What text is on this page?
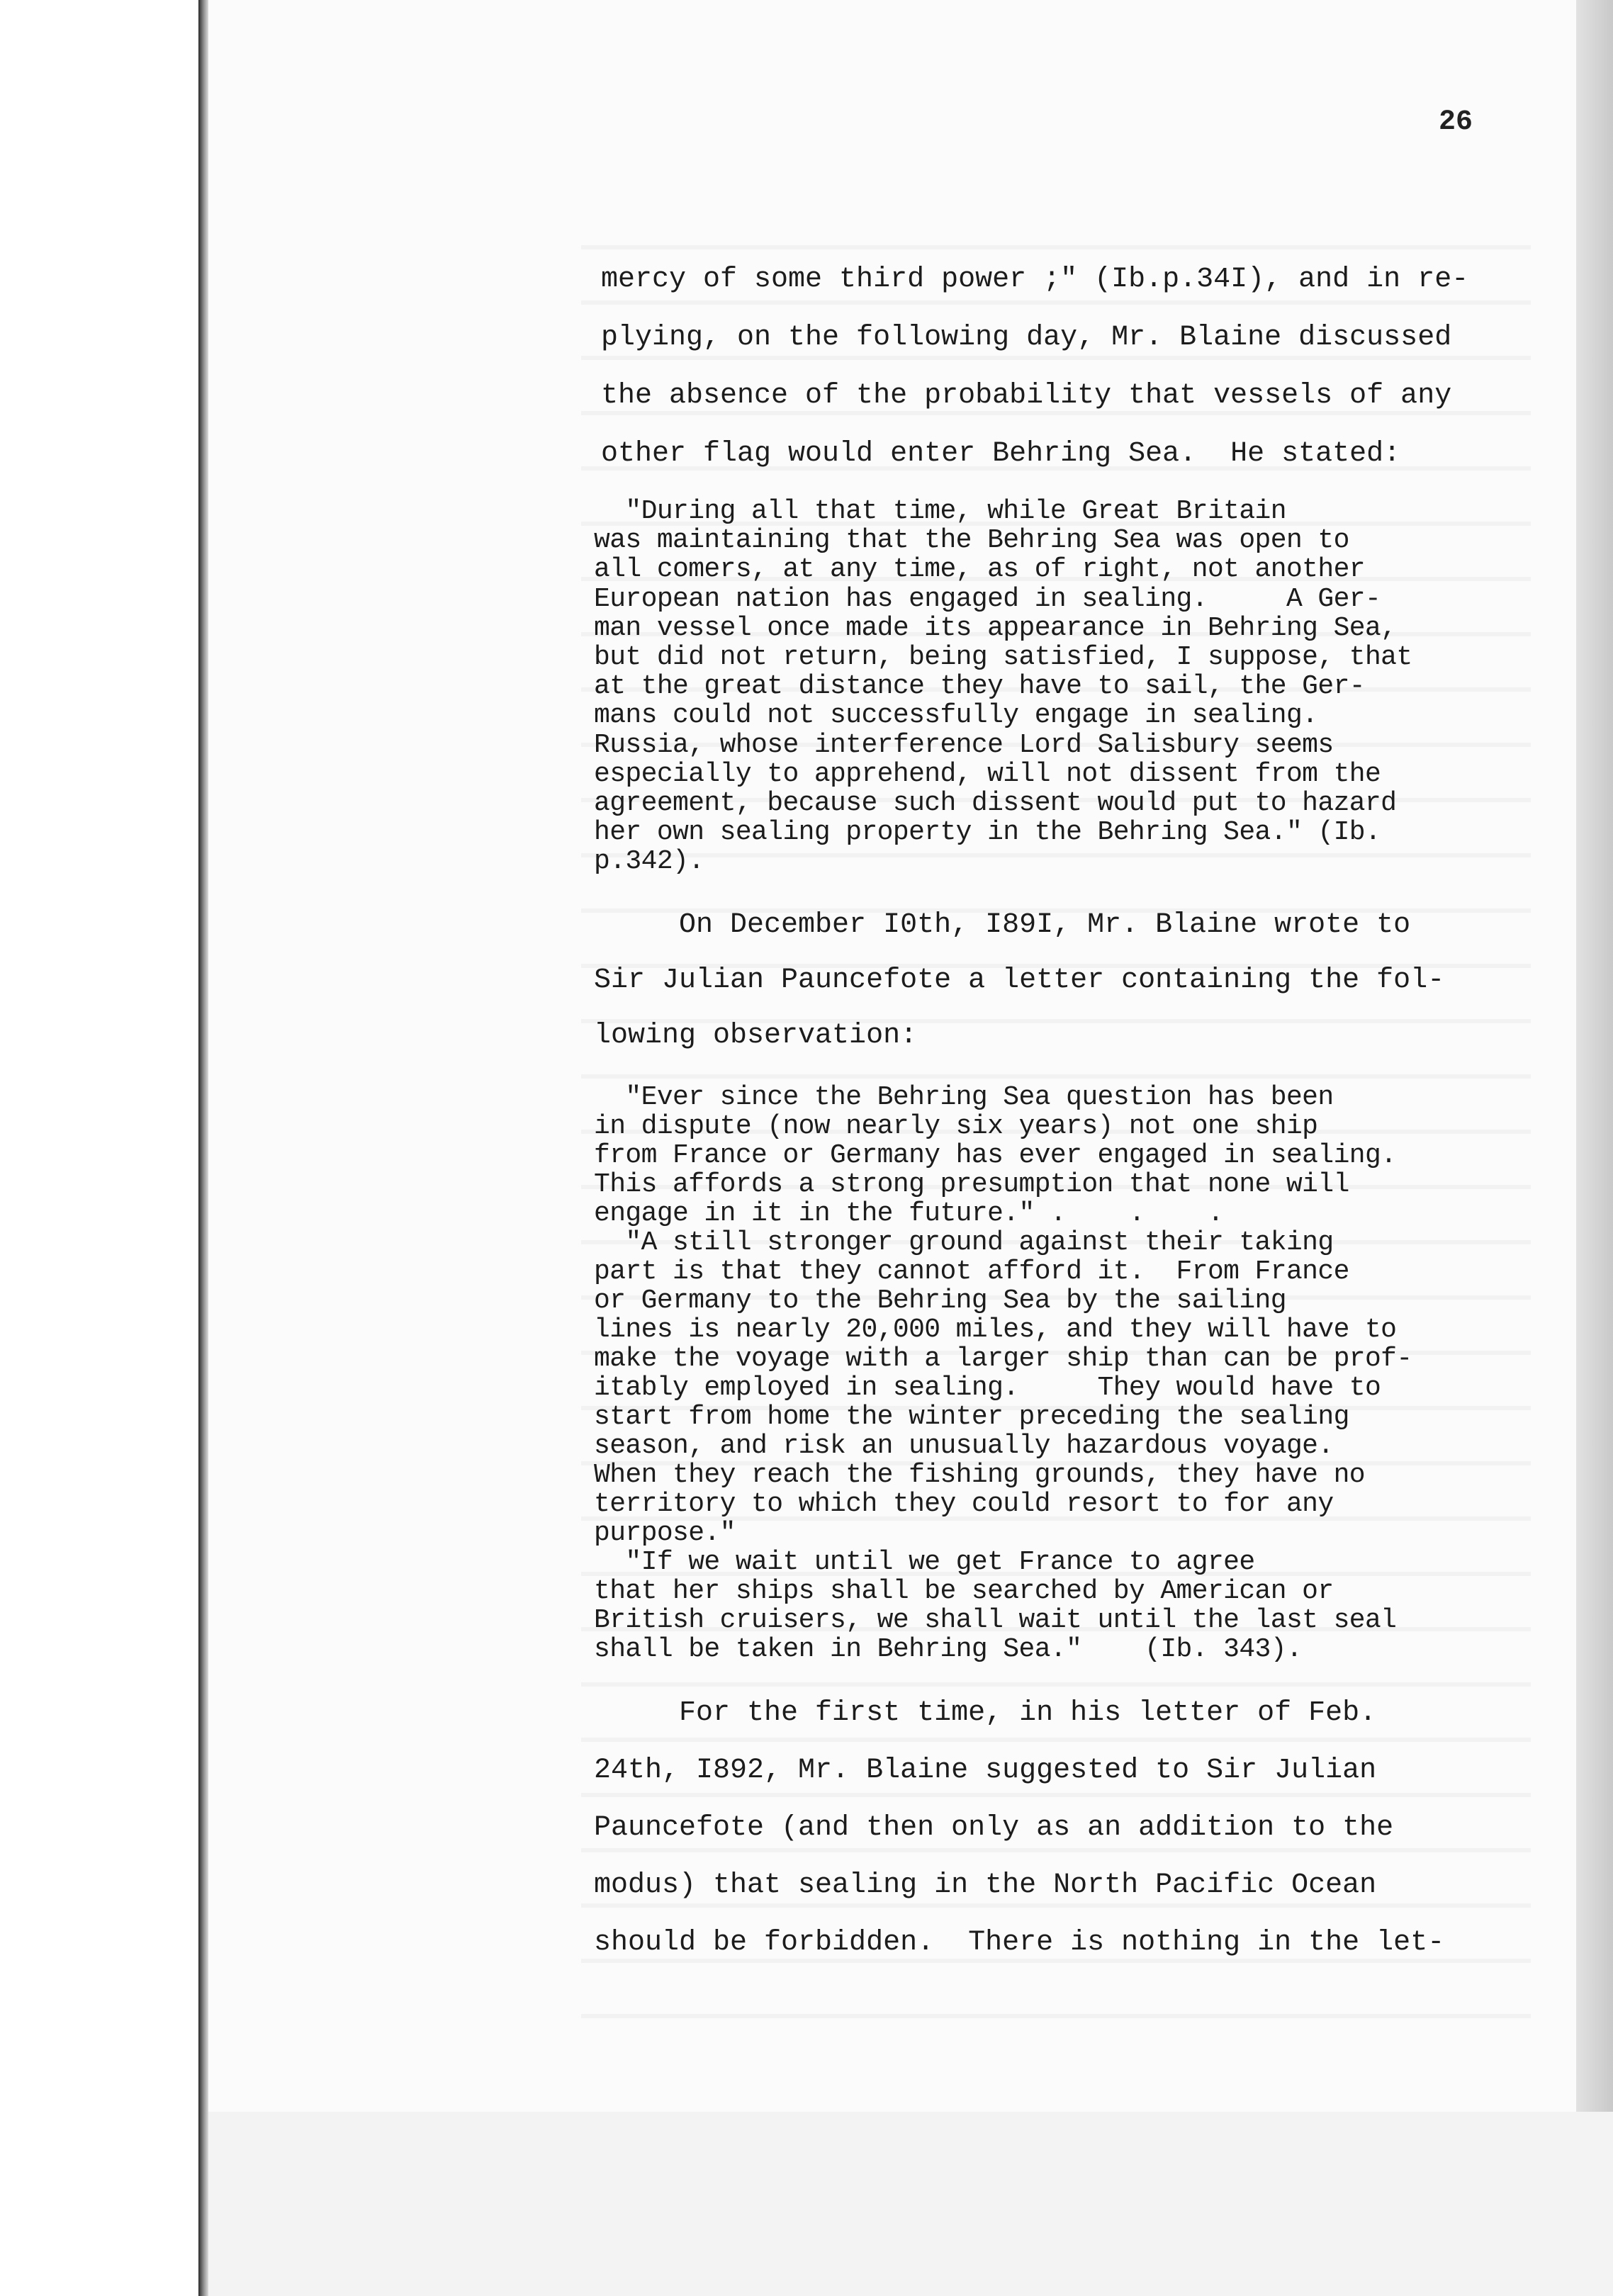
26
mercy of some third power ;" (Ib.p.34I), and in re-
plying, on the following day, Mr. Blaine discussed
the absence of the probability that vessels of any
other flag would enter Behring Sea.  He stated:
"During all that time, while Great Britain
was maintaining that the Behring Sea was open to
all comers, at any time, as of right, not another
European nation has engaged in sealing.     A Ger-
man vessel once made its appearance in Behring Sea,
but did not return, being satisfied, I suppose, that
at the great distance they have to sail, the Ger-
mans could not successfully engage in sealing.
Russia, whose interference Lord Salisbury seems
especially to apprehend, will not dissent from the
agreement, because such dissent would put to hazard
her own sealing property in the Behring Sea." (Ib.
p.342).
On December I0th, I89I, Mr. Blaine wrote to
Sir Julian Pauncefote a letter containing the fol-
lowing observation:
"Ever since the Behring Sea question has been
in dispute (now nearly six years) not one ship
from France or Germany has ever engaged in sealing.
This affords a strong presumption that none will
engage in it in the future." .    .    .
"A still stronger ground against their taking
part is that they cannot afford it.  From France
or Germany to the Behring Sea by the sailing
lines is nearly 20,000 miles, and they will have to
make the voyage with a larger ship than can be prof-
itably employed in sealing.     They would have to
start from home the winter preceding the sealing
season, and risk an unusually hazardous voyage.
When they reach the fishing grounds, they have no
territory to which they could resort to for any
purpose."
"If we wait until we get France to agree
that her ships shall be searched by American or
British cruisers, we shall wait until the last seal
shall be taken in Behring Sea."    (Ib. 343).
For the first time, in his letter of Feb.
24th, I892, Mr. Blaine suggested to Sir Julian
Pauncefote (and then only as an addition to the
modus) that sealing in the North Pacific Ocean
should be forbidden.  There is nothing in the let-
